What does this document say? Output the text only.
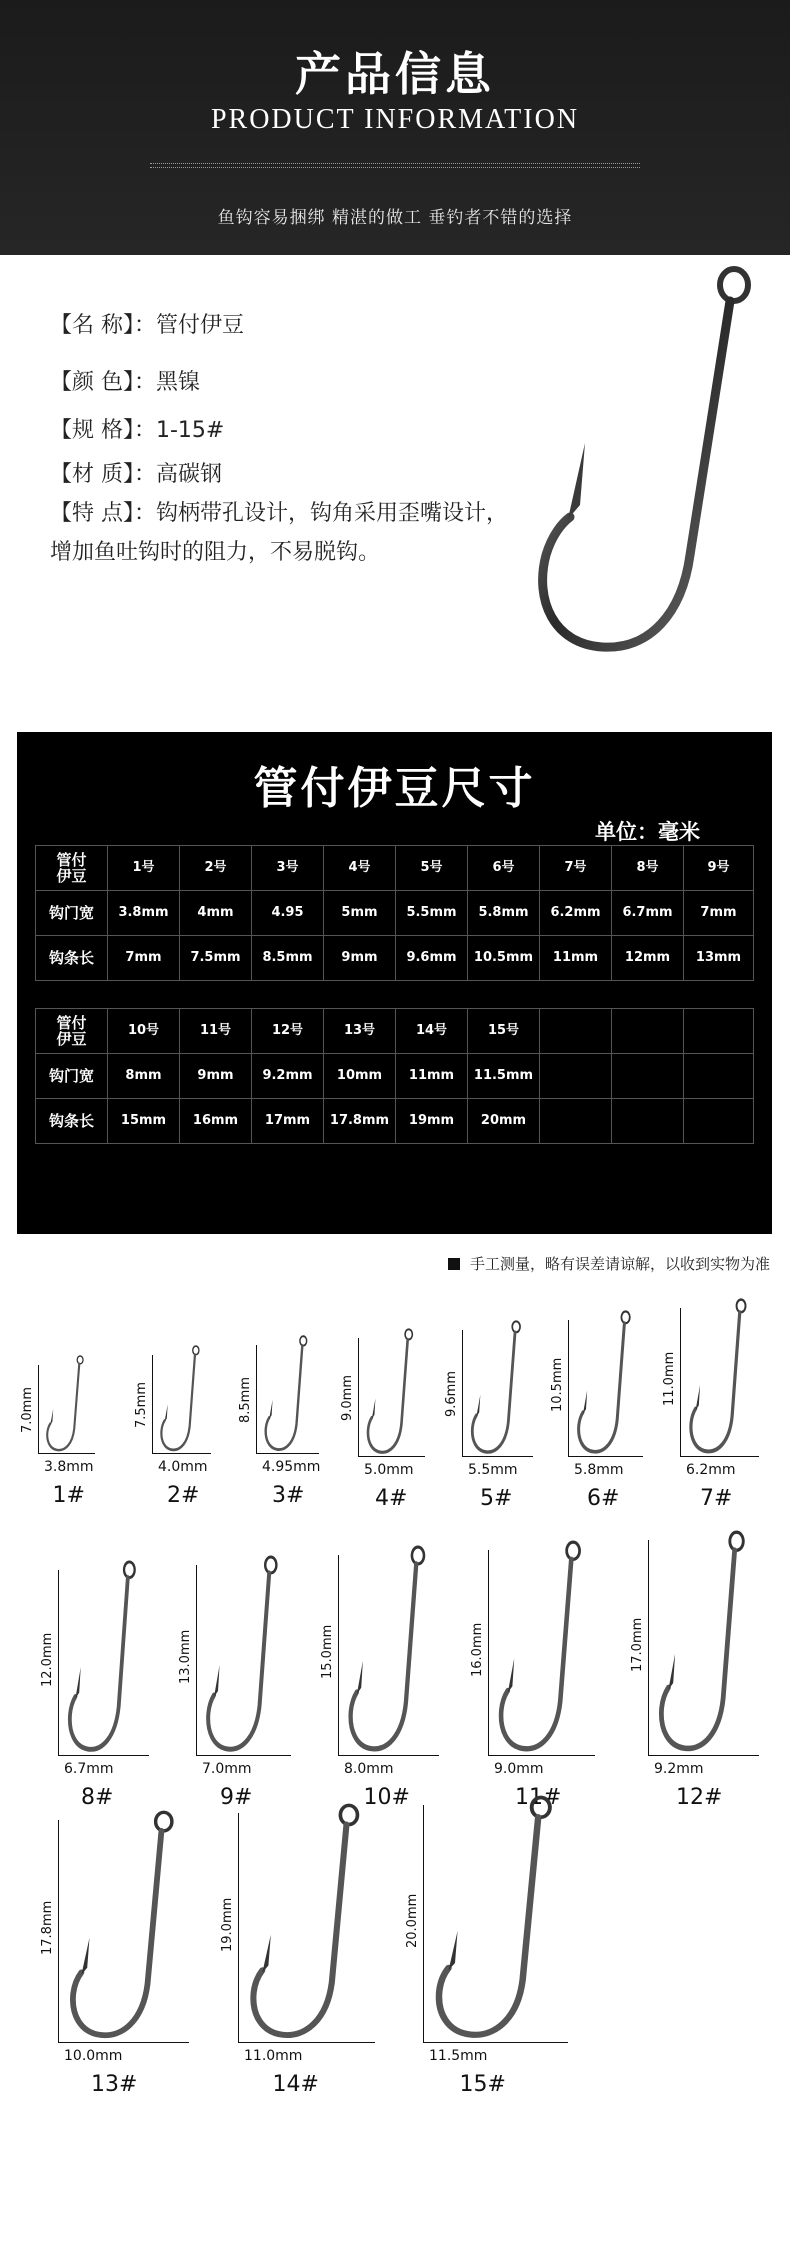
产品信息
PRODUCT INFORMATION
鱼钩容易捆绑 精湛的做工 垂钓者不错的选择
【名 称】：管付伊豆
【颜 色】：黑镍
【规 格】：1-15#
【材 质】：高碳钢
【特 点】：钩柄带孔设计，钩角采用歪嘴设计，增加鱼吐钩时的阻力，不易脱钩。
管付伊豆尺寸
单位：毫米
管付
伊豆	1号	2号	3号	4号	5号	6号	7号	8号	9号
钩门宽	3.8mm	4mm	4.95	5mm	5.5mm	5.8mm	6.2mm	6.7mm	7mm
钩条长	7mm	7.5mm	8.5mm	9mm	9.6mm	10.5mm	11mm	12mm	13mm
管付
伊豆	10号	11号	12号	13号	14号	15号			
钩门宽	8mm	9mm	9.2mm	10mm	11mm	11.5mm			
钩条长	15mm	16mm	17mm	17.8mm	19mm	20mm			
手工测量，略有误差请谅解，以收到实物为准
7.0mm
3.8mm
1#
7.5mm
4.0mm
2#
8.5mm
4.95mm
3#
9.0mm
5.0mm
4#
9.6mm
5.5mm
5#
10.5mm
5.8mm
6#
11.0mm
6.2mm
7#
12.0mm
6.7mm
8#
13.0mm
7.0mm
9#
15.0mm
8.0mm
10#
16.0mm
9.0mm
11#
17.0mm
9.2mm
12#
17.8mm
10.0mm
13#
19.0mm
11.0mm
14#
20.0mm
11.5mm
15#
